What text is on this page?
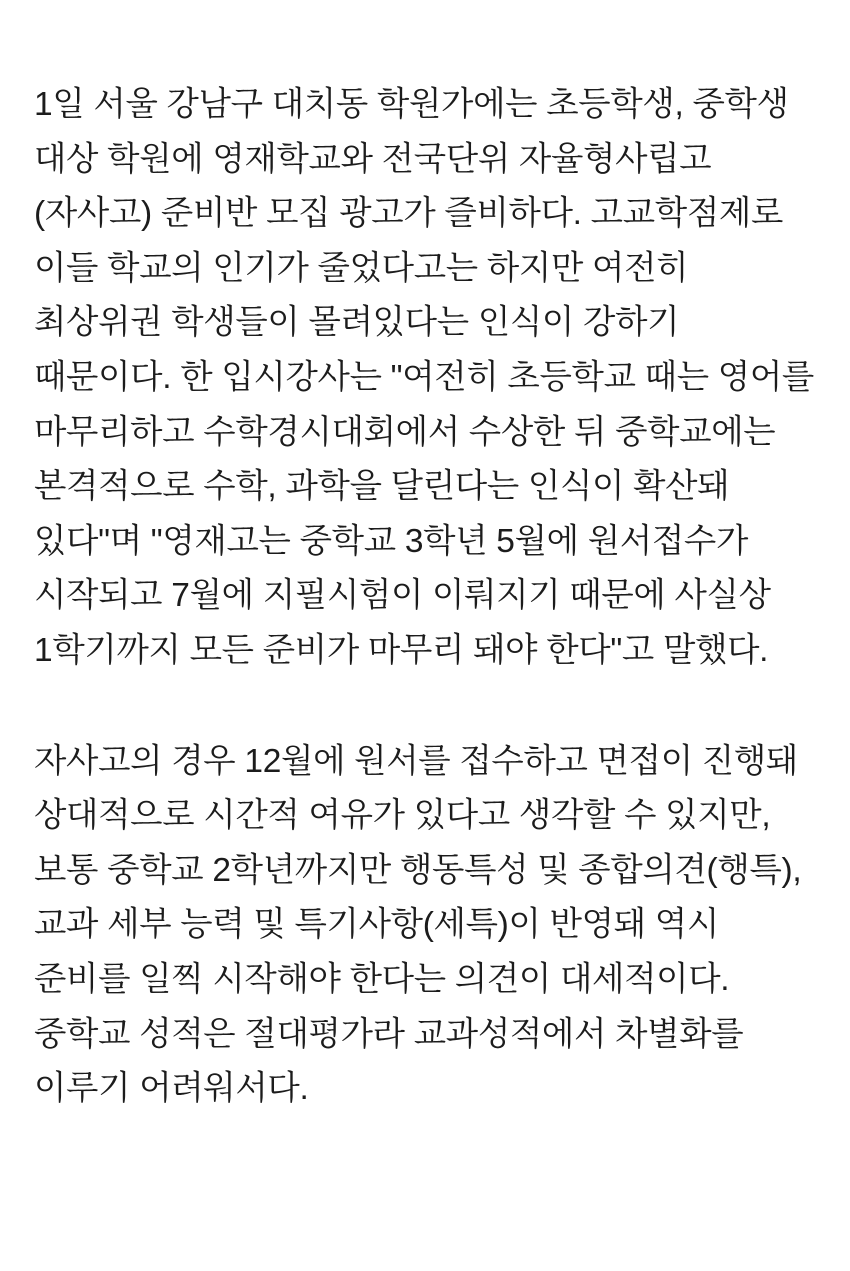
1일 서울 강남구 대치동 학원가에는 초등학생, 중학생 대상 학원에 영재학교와 전국단위 자율형사립고(자사고) 준비반 모집 광고가 즐비하다. 고교학점제로 이들 학교의 인기가 줄었다고는 하지만 여전히 최상위권 학생들이 몰려있다는 인식이 강하기 때문이다. 한 입시강사는 "여전히 초등학교 때는 영어를 마무리하고 수학경시대회에서 수상한 뒤 중학교에는 본격적으로 수학, 과학을 달린다는 인식이 확산돼 있다"며 "영재고는 중학교 3학년 5월에 원서접수가 시작되고 7월에 지필시험이 이뤄지기 때문에 사실상 1학기까지 모든 준비가 마무리 돼야 한다"고 말했다.

자사고의 경우 12월에 원서를 접수하고 면접이 진행돼 상대적으로 시간적 여유가 있다고 생각할 수 있지만, 보통 중학교 2학년까지만 행동특성 및 종합의견(행특), 교과 세부 능력 및 특기사항(세특)이 반영돼 역시 준비를 일찍 시작해야 한다는 의견이 대세적이다. 중학교 성적은 절대평가라 교과성적에서 차별화를 이루기 어려워서다.
